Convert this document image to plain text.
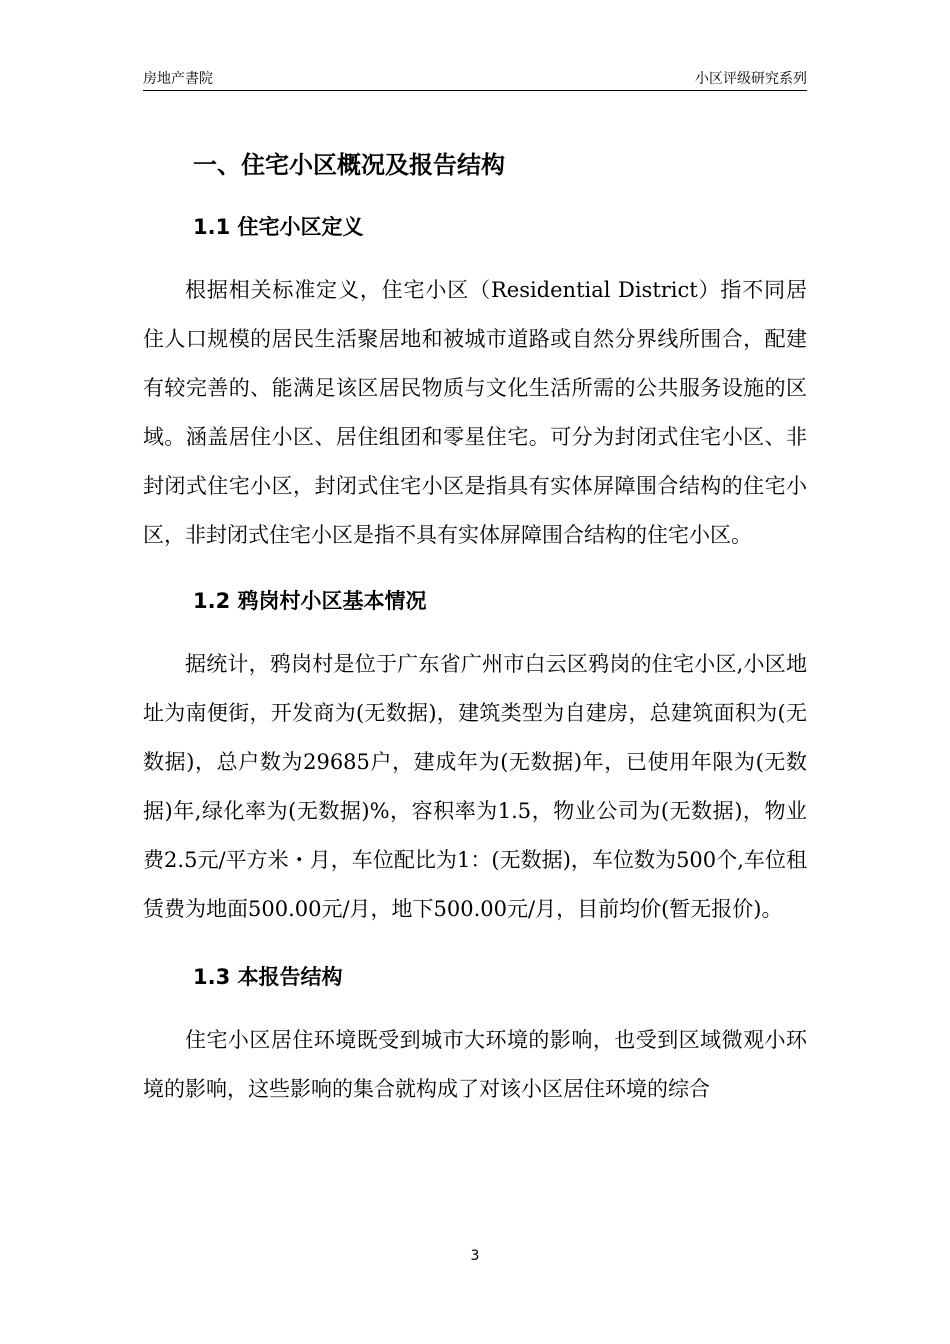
房地产書院	小区评级研究系列
一、住宅小区概况及报告结构
1.1 住宅小区定义

根据相关标准定义，住宅小区（Residential District）指不同居住人口规模的居民生活聚居地和被城市道路或自然分界线所围合，配建有较完善的、能满足该区居民物质与文化生活所需的公共服务设施的区域。涵盖居住小区、居住组团和零星住宅。可分为封闭式住宅小区、非封闭式住宅小区，封闭式住宅小区是指具有实体屏障围合结构的住宅小区，非封闭式住宅小区是指不具有实体屏障围合结构的住宅小区。

1.2 鸦岗村小区基本情况

据统计，鸦岗村是位于广东省广州市白云区鸦岗的住宅小区,小区地址为南便街，开发商为(无数据)，建筑类型为自建房，总建筑面积为(无数据)，总户数为29685户，建成年为(无数据)年，已使用年限为(无数据)年,绿化率为(无数据)%，容积率为1.5，物业公司为(无数据)，物业费2.5元/平方米・月，车位配比为1：(无数据)，车位数为500个,车位租赁费为地面500.00元/月，地下500.00元/月，目前均价(暂无报价)。

1.3 本报告结构

住宅小区居住环境既受到城市大环境的影响，也受到区域微观小环境的影响，这些影响的集合就构成了对该小区居住环境的综合

3
